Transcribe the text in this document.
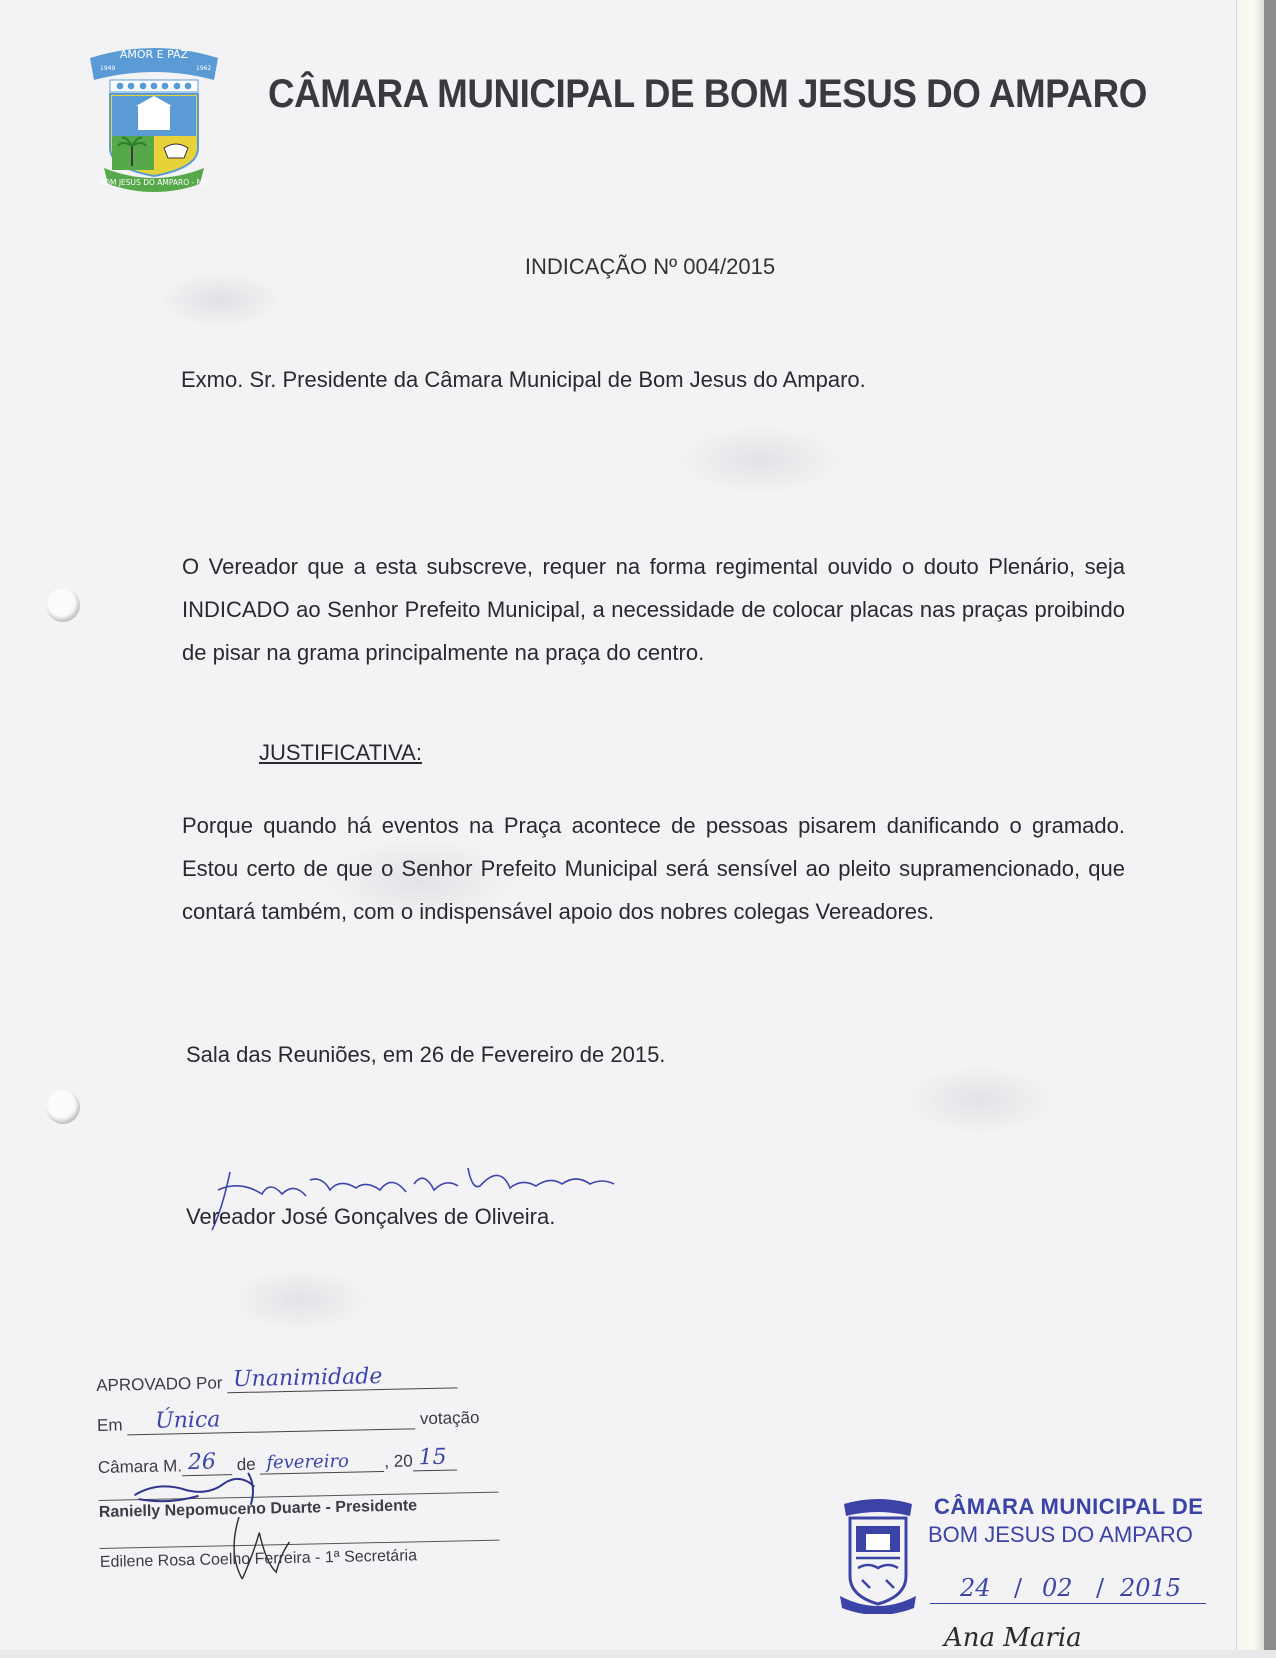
AMOR E PAZ
1949	1962
BOM JESUS DO AMPARO - MG
CÂMARA MUNICIPAL DE BOM JESUS DO AMPARO
INDICAÇÃO Nº 004/2015
Exmo. Sr. Presidente da Câmara Municipal de Bom Jesus do Amparo.
O Vereador que a esta subscreve, requer na forma regimental ouvido o douto Plenário, seja INDICADO ao Senhor Prefeito Municipal, a necessidade de colocar placas nas praças proibindo de pisar na grama principalmente na praça do centro.
JUSTIFICATIVA:
Porque quando há eventos na Praça acontece de pessoas pisarem danificando o gramado. Estou certo de que o Senhor Prefeito Municipal será sensível ao pleito supramencionado, que contará também, com o indispensável apoio dos nobres colegas Vereadores.
Sala das Reuniões, em 26 de Fevereiro de 2015.
Vereador José Gonçalves de Oliveira.
APROVADO Por Unanimidade
Em Única	votação
Câmara M. 26 de fevereiro , 20 15
Ranielly Nepomuceno Duarte - Presidente
Edilene Rosa Coelho Ferreira - 1ª Secretária
CÂMARA MUNICIPAL DE
BOM JESUS DO AMPARO
24 / 02 / 2015
Ana Maria
